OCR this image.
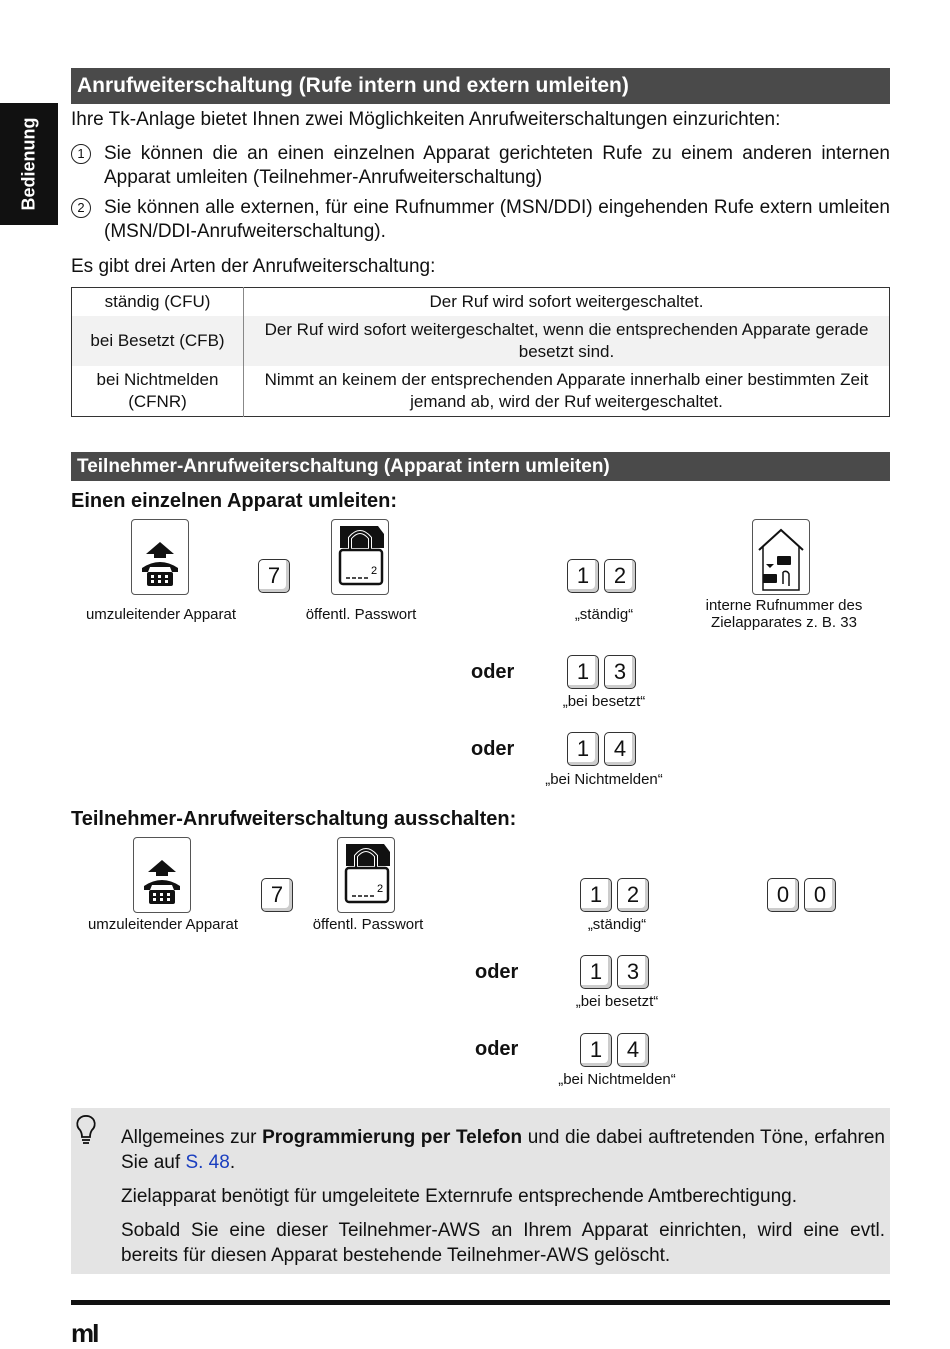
Bedienung
Anrufweiterschaltung (Rufe intern und extern umleiten)
Ihre Tk-Anlage bietet Ihnen zwei Möglichkeiten Anrufweiterschaltungen einzurichten:
1	Sie können die an einen einzelnen Apparat gerichteten Rufe zu einem anderen internen Apparat umleiten (Teilnehmer-Anrufweiterschaltung)
2	Sie können alle externen, für eine Rufnummer (MSN/DDI) eingehenden Rufe extern umleiten (MSN/DDI-Anrufweiterschaltung).
Es gibt drei Arten der Anrufweiterschaltung:
ständig (CFU)	Der Ruf wird sofort weitergeschaltet.
bei Besetzt (CFB)	Der Ruf wird sofort weitergeschaltet, wenn die entsprechenden Apparate gerade besetzt sind.
bei Nichtmelden (CFNR)	Nimmt an keinem der entsprechenden Apparate innerhalb einer bestimmten Zeit jemand ab, wird der Ruf weitergeschaltet.
Teilnehmer-Anrufweiterschaltung (Apparat intern umleiten)
Einen einzelnen Apparat umleiten:
7	2	1 2
umzuleitender Apparat	öffentl. Passwort	„ständig“
interne Rufnummer des Zielapparates z. B. 33
oder	1 3
„bei besetzt“
oder	1 4
„bei Nichtmelden“
Teilnehmer-Anrufweiterschaltung ausschalten:
7	2	1 2	0 0
umzuleitender Apparat	öffentl. Passwort	„ständig“
oder	1 3
„bei besetzt“
oder	1 4
„bei Nichtmelden“
Allgemeines zur Programmierung per Telefon und die dabei auftretenden Töne, erfahren Sie auf S. 48.
Zielapparat benötigt für umgeleitete Externrufe entsprechende Amtberechtigung.
Sobald Sie eine dieser Teilnehmer-AWS an Ihrem Apparat einrichten, wird eine evtl. bereits für diesen Apparat bestehende Teilnehmer-AWS gelöscht.
mI
